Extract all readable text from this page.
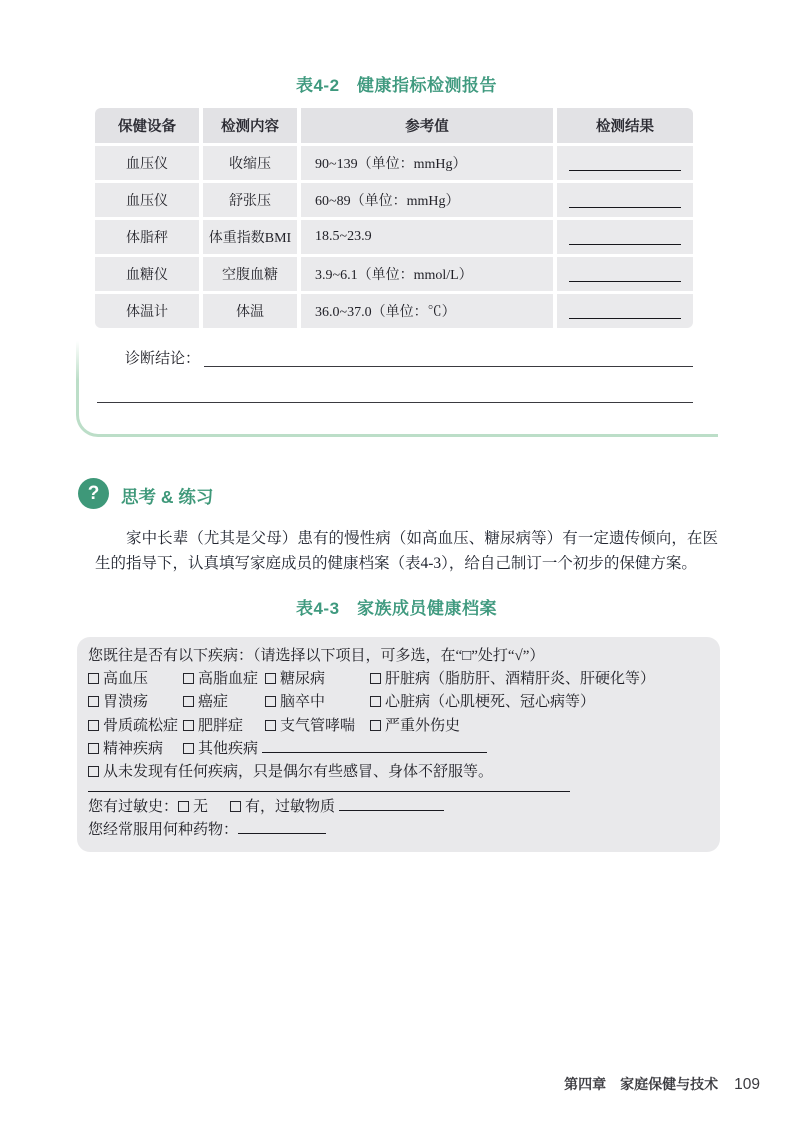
表4-2　健康指标检测报告
保健设备	检测内容	参考值	检测结果
血压仪	收缩压	90~139（单位：mmHg）
血压仪	舒张压	60~89（单位：mmHg）
体脂秤	体重指数BMI	18.5~23.9
血糖仪	空腹血糖	3.9~6.1（单位：mmol/L）
体温计	体温	36.0~37.0（单位：℃）
诊断结论：
?	思考 & 练习
家中长辈（尤其是父母）患有的慢性病（如高血压、糖尿病等）有一定遗传倾向，在医生的指导下，认真填写家庭成员的健康档案（表4-3），给自己制订一个初步的保健方案。
表4-3　家族成员健康档案
您既往是否有以下疾病：（请选择以下项目，可多选，在“□”处打“√”）
高血压	高脂血症	糖尿病	肝脏病（脂肪肝、酒精肝炎、肝硬化等）
胃溃疡	癌症	脑卒中	心脏病（心肌梗死、冠心病等）
骨质疏松症	肥胖症	支气管哮喘	严重外伤史
精神疾病	其他疾病
从未发现有任何疾病，只是偶尔有些感冒、身体不舒服等。
您有过敏史： 无 有，过敏物质
您经常服用何种药物：
第四章　家庭保健与技术 109
